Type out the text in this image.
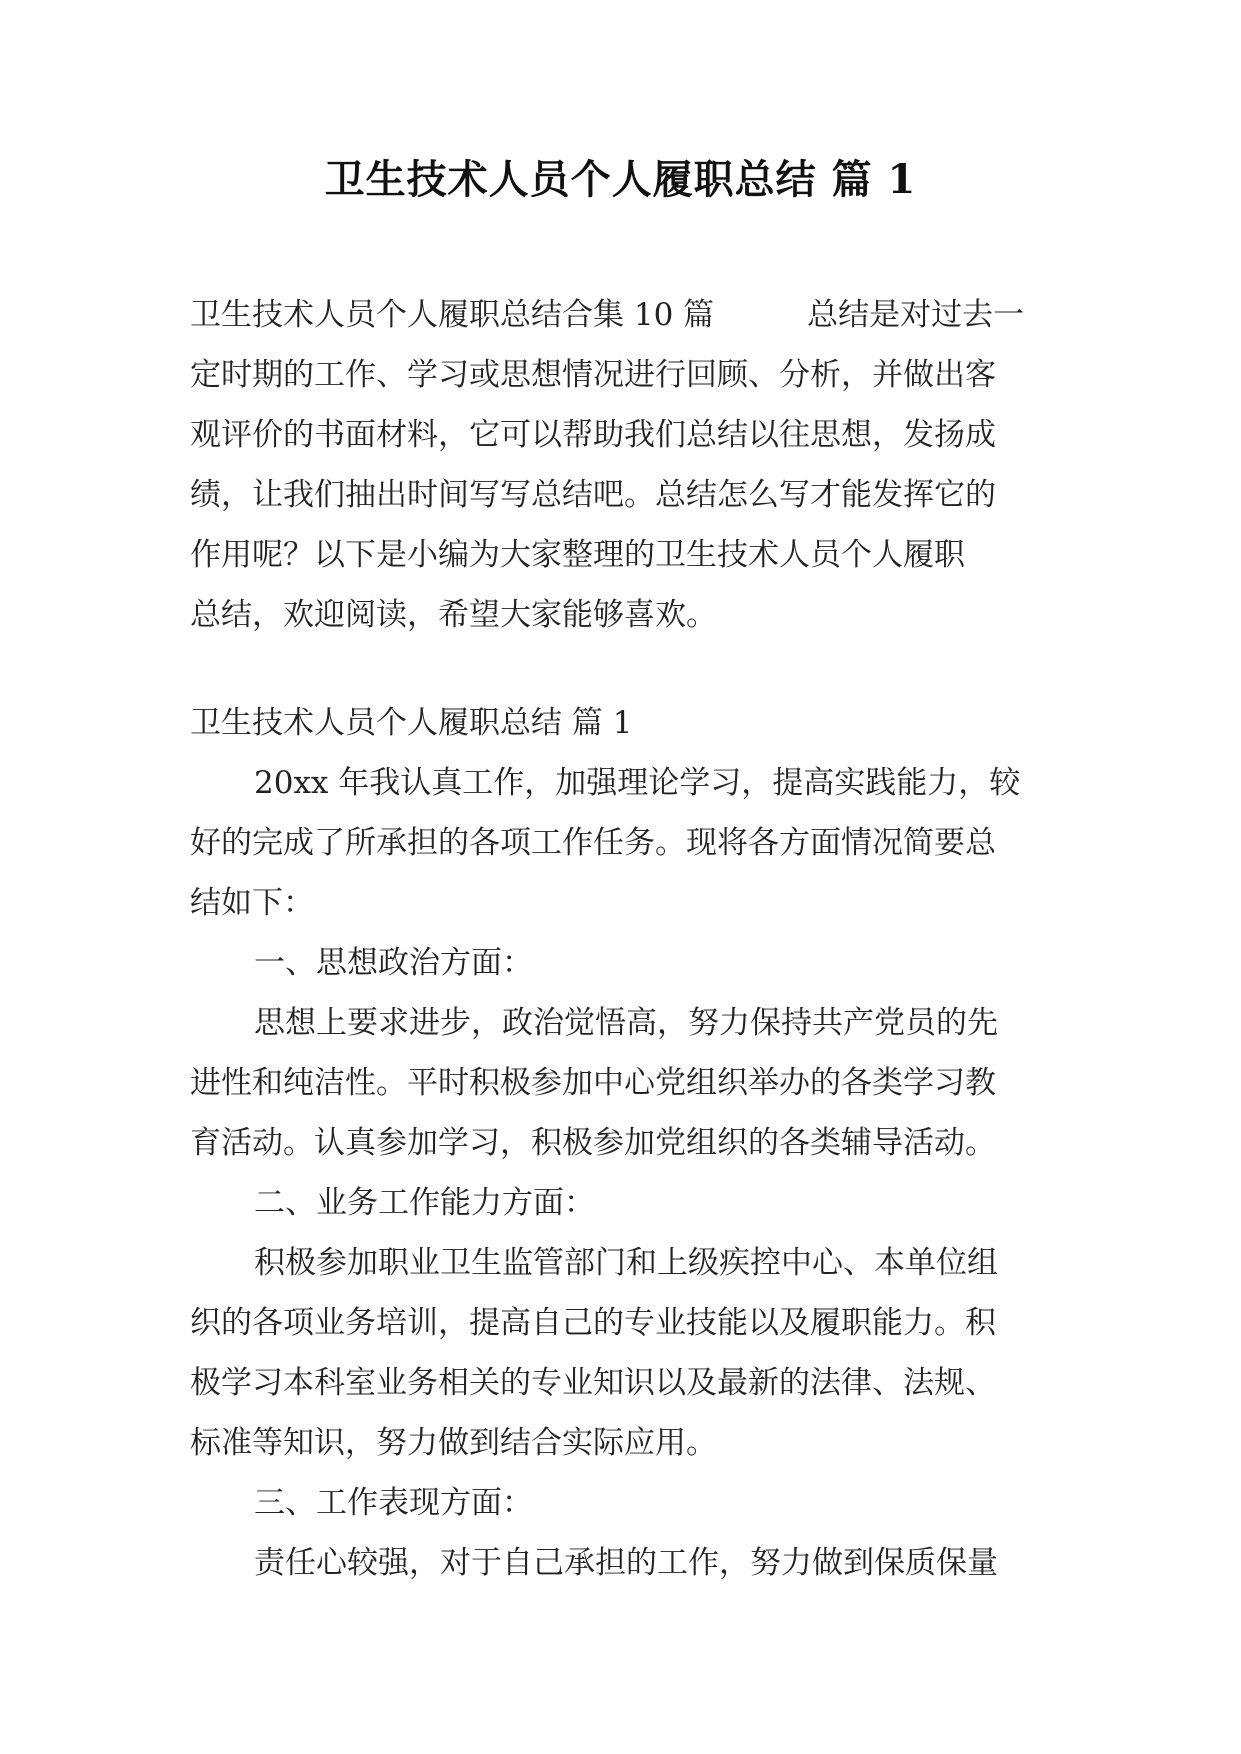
卫生技术人员个人履职总结 篇 1
卫生技术人员个人履职总结合集 10 篇　　　总结是对过去一
定时期的工作、学习或思想情况进行回顾、分析，并做出客
观评价的书面材料，它可以帮助我们总结以往思想，发扬成
绩，让我们抽出时间写写总结吧。总结怎么写才能发挥它的
作用呢？以下是小编为大家整理的卫生技术人员个人履职
总结，欢迎阅读，希望大家能够喜欢。
卫生技术人员个人履职总结 篇 1
20xx 年我认真工作，加强理论学习，提高实践能力，较
好的完成了所承担的各项工作任务。现将各方面情况简要总
结如下：
一、思想政治方面：
思想上要求进步，政治觉悟高，努力保持共产党员的先
进性和纯洁性。平时积极参加中心党组织举办的各类学习教
育活动。认真参加学习，积极参加党组织的各类辅导活动。
二、业务工作能力方面：
积极参加职业卫生监管部门和上级疾控中心、本单位组
织的各项业务培训，提高自己的专业技能以及履职能力。积
极学习本科室业务相关的专业知识以及最新的法律、法规、
标准等知识，努力做到结合实际应用。
三、工作表现方面：
责任心较强，对于自己承担的工作，努力做到保质保量
